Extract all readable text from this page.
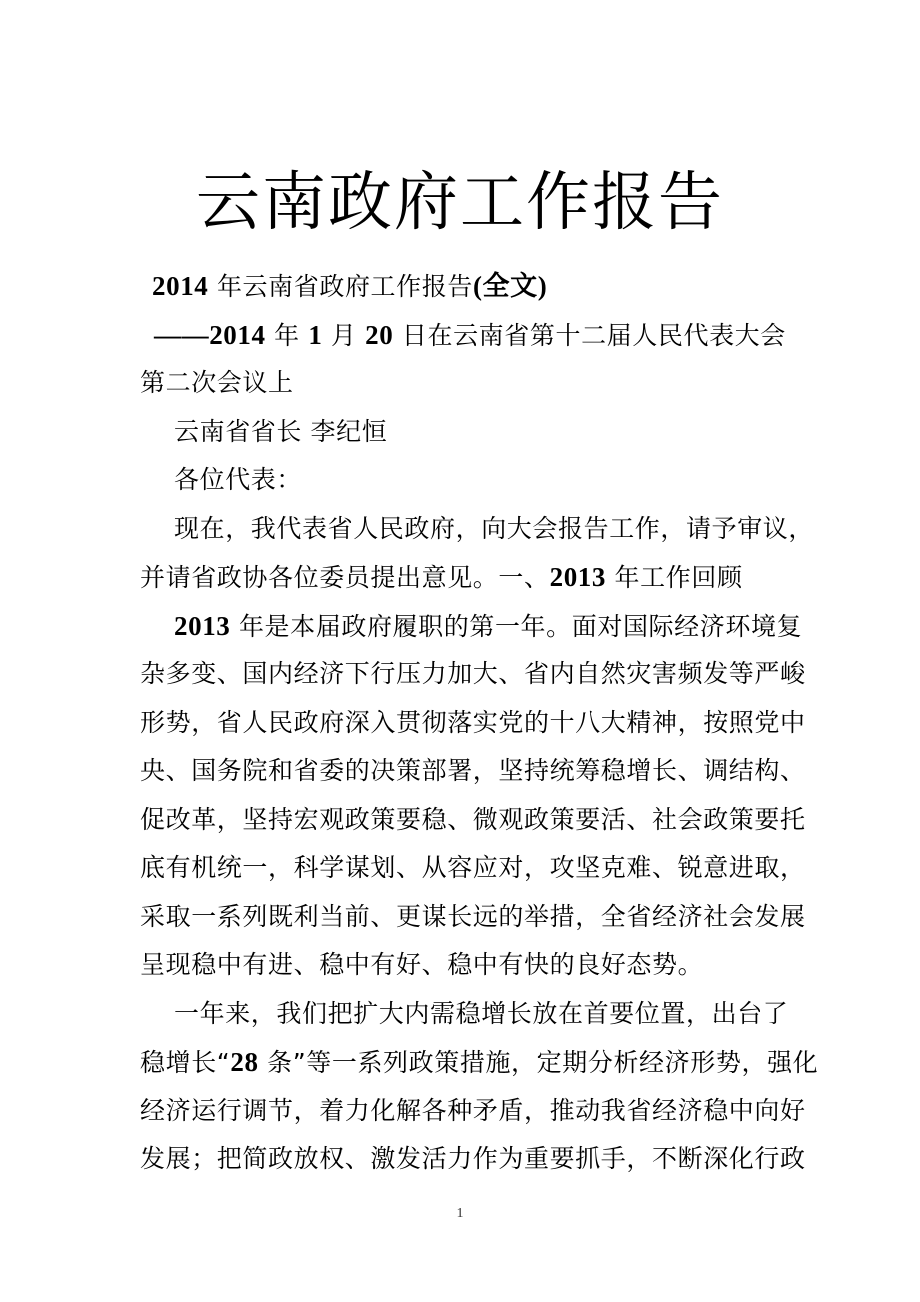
云南政府工作报告
2014 年云南省政府工作报告(全文)
——2014 年 1 月 20 日在云南省第十二届人民代表大会
第二次会议上
云南省省长 李纪恒
各位代表：
现在，我代表省人民政府，向大会报告工作，请予审议，
并请省政协各位委员提出意见。一、2013 年工作回顾
2013 年是本届政府履职的第一年。面对国际经济环境复
杂多变、国内经济下行压力加大、省内自然灾害频发等严峻
形势，省人民政府深入贯彻落实党的十八大精神，按照党中
央、国务院和省委的决策部署，坚持统筹稳增长、调结构、
促改革，坚持宏观政策要稳、微观政策要活、社会政策要托
底有机统一，科学谋划、从容应对，攻坚克难、锐意进取，
采取一系列既利当前、更谋长远的举措，全省经济社会发展
呈现稳中有进、稳中有好、稳中有快的良好态势。
一年来，我们把扩大内需稳增长放在首要位置，出台了
稳增长“28 条”等一系列政策措施，定期分析经济形势，强化
经济运行调节，着力化解各种矛盾，推动我省经济稳中向好
发展；把简政放权、激发活力作为重要抓手，不断深化行政
1
